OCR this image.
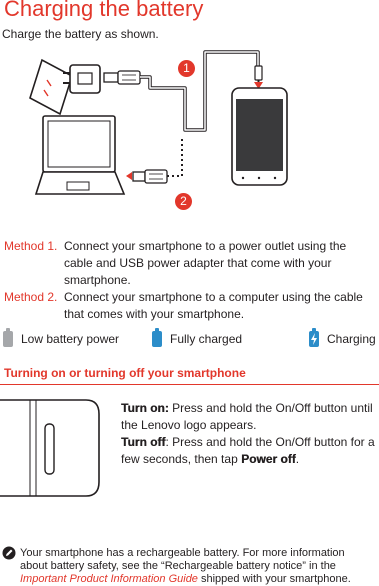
Charging the battery
Charge the battery as shown.
1
2
Method 1. Connect your smartphone to a power outlet using the cable and USB power adapter that come with your smartphone.
Method 2. Connect your smartphone to a computer using the cable that comes with your smartphone.
Low battery power	Fully charged	Charging
Turning on or turning off your smartphone
Turn on: Press and hold the On/Off button until the Lenovo logo appears.
Turn off: Press and hold the On/Off button for a few seconds, then tap Power off.
Your smartphone has a rechargeable battery. For more information about battery safety, see the “Rechargeable battery notice” in the Important Product Information Guide shipped with your smartphone.
